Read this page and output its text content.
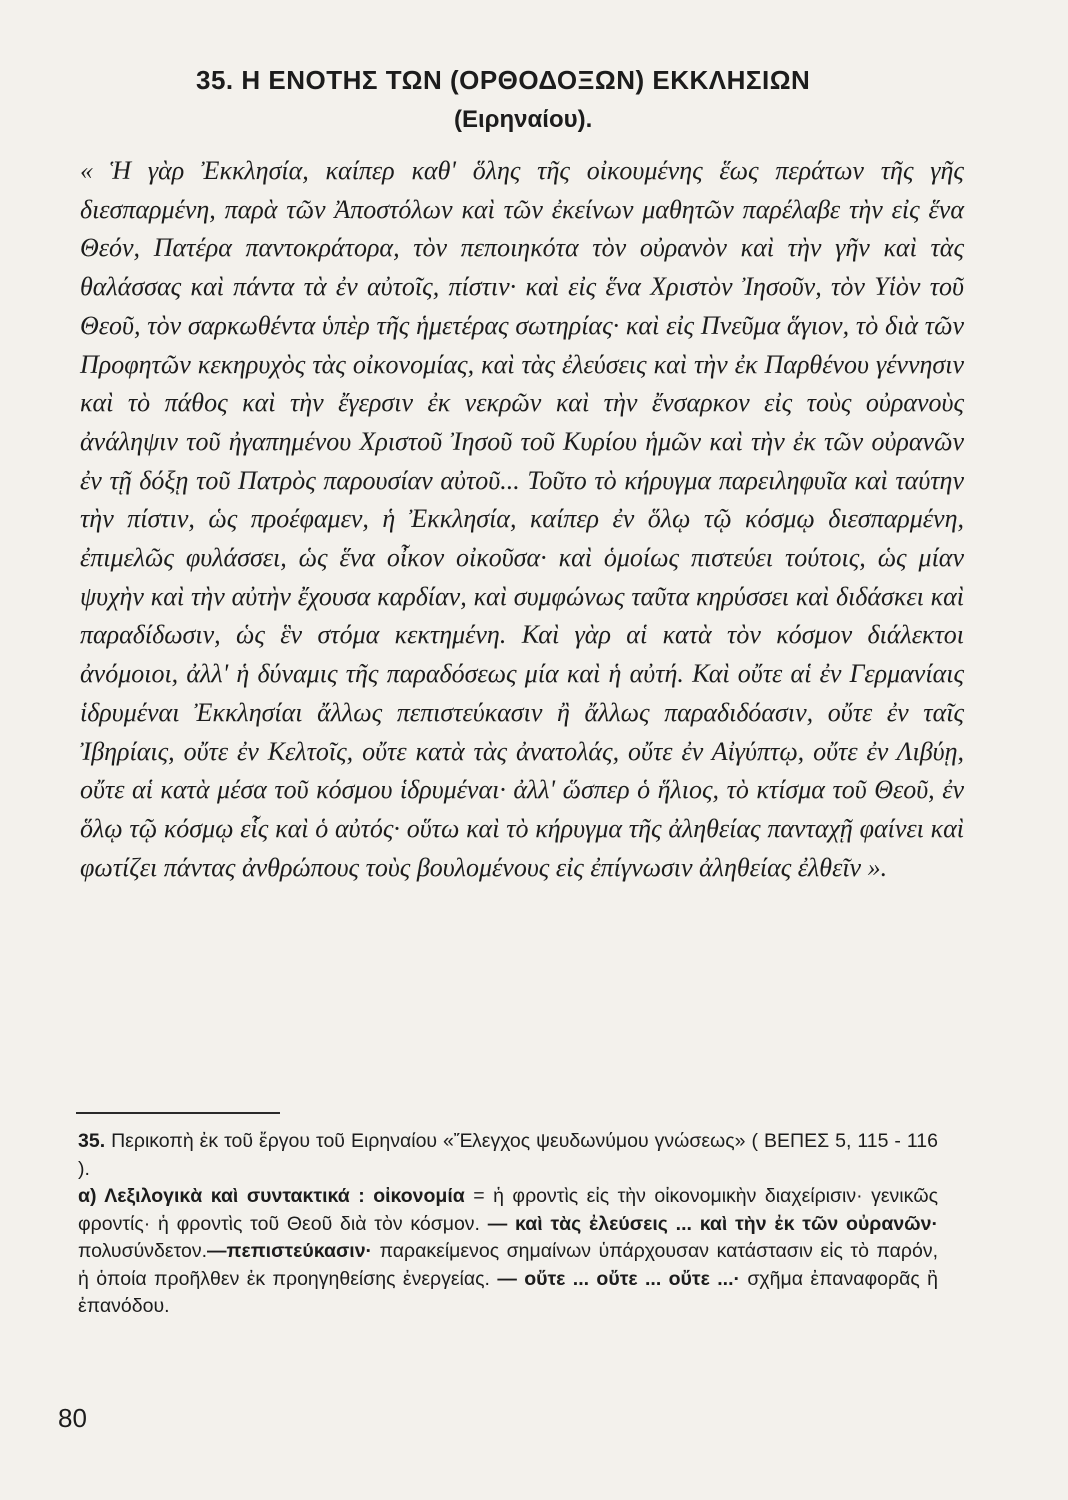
35. Η ΕΝΟΤΗΣ ΤΩΝ (ΟΡΘΟΔΟΞΩΝ) ΕΚΚΛΗΣΙΩΝ
(Ειρηναίου).

« Ἡ γὰρ Ἐκκλησία, καίπερ καθ' ὅλης τῆς οἰκουμένης ἕως περάτων τῆς γῆς διεσπαρμένη, παρὰ τῶν Ἀποστόλων καὶ τῶν ἐκείνων μαθητῶν παρέλαβε τὴν εἰς ἕνα Θεόν, Πατέρα παντοκράτορα, τὸν πεποιηκότα τὸν οὐρανὸν καὶ τὴν γῆν καὶ τὰς θαλάσσας καὶ πάντα τὰ ἐν αὐτοῖς, πίστιν· καὶ εἰς ἕνα Χριστὸν Ἰησοῦν, τὸν Υἱὸν τοῦ Θεοῦ, τὸν σαρκωθέντα ὑπὲρ τῆς ἡμετέρας σωτηρίας· καὶ εἰς Πνεῦμα ἅγιον, τὸ διὰ τῶν Προφητῶν κεκηρυχὸς τὰς οἰκονομίας, καὶ τὰς ἐλεύσεις καὶ τὴν ἐκ Παρθένου γέννησιν καὶ τὸ πάθος καὶ τὴν ἔγερσιν ἐκ νεκρῶν καὶ τὴν ἔνσαρκον εἰς τοὺς οὐρανοὺς ἀνάληψιν τοῦ ἠγαπημένου Χριστοῦ Ἰησοῦ τοῦ Κυρίου ἡμῶν καὶ τὴν ἐκ τῶν οὐρανῶν ἐν τῇ δόξῃ τοῦ Πατρὸς παρουσίαν αὐτοῦ... Τοῦτο τὸ κήρυγμα παρειληφυῖα καὶ ταύτην τὴν πίστιν, ὡς προέφαμεν, ἡ Ἐκκλησία, καίπερ ἐν ὅλῳ τῷ κόσμῳ διεσπαρμένη, ἐπιμελῶς φυλάσσει, ὡς ἕνα οἶκον οἰκοῦσα· καὶ ὁμοίως πιστεύει τούτοις, ὡς μίαν ψυχὴν καὶ τὴν αὐτὴν ἔχουσα καρδίαν, καὶ συμφώνως ταῦτα κηρύσσει καὶ διδάσκει καὶ παραδίδωσιν, ὡς ἓν στόμα κεκτημένη. Καὶ γὰρ αἱ κατὰ τὸν κόσμον διάλεκτοι ἀνόμοιοι, ἀλλ' ἡ δύναμις τῆς παραδόσεως μία καὶ ἡ αὐτή. Καὶ οὔτε αἱ ἐν Γερμανίαις ἱδρυμέναι Ἐκκλησίαι ἄλλως πεπιστεύκασιν ἢ ἄλλως παραδιδόασιν, οὔτε ἐν ταῖς Ἰβηρίαις, οὔτε ἐν Κελτοῖς, οὔτε κατὰ τὰς ἀνατολάς, οὔτε ἐν Αἰγύπτῳ, οὔτε ἐν Λιβύῃ, οὔτε αἱ κατὰ μέσα τοῦ κόσμου ἱδρυμέναι· ἀλλ' ὥσπερ ὁ ἥλιος, τὸ κτίσμα τοῦ Θεοῦ, ἐν ὅλῳ τῷ κόσμῳ εἷς καὶ ὁ αὐτός· οὕτω καὶ τὸ κήρυγμα τῆς ἀληθείας πανταχῇ φαίνει καὶ φωτίζει πάντας ἀνθρώπους τοὺς βουλομένους εἰς ἐπίγνωσιν ἀληθείας ἐλθεῖν ».

35. Περικοπὴ ἐκ τοῦ ἔργου τοῦ Ειρηναίου «Ἔλεγχος ψευδωνύμου γνώσεως» ( ΒΕΠΕΣ 5, 115 - 116 ).

α) Λεξιλογικὰ καὶ συντακτικά : οἰκονομία = ἡ φροντὶς εἰς τὴν οἰκονομικὴν διαχείρισιν· γενικῶς φροντίς· ἡ φροντὶς τοῦ Θεοῦ διὰ τὸν κόσμον. — καὶ τὰς ἐλεύσεις ... καὶ τὴν ἐκ τῶν οὐρανῶν· πολυσύνδετον.—πεπιστεύκασιν· παρακείμενος σημαίνων ὑπάρχουσαν κατάστασιν εἰς τὸ παρόν, ἡ ὁποία προῆλθεν ἐκ προηγηθείσης ἐνεργείας. — οὔτε ... οὔτε ... οὔτε ...· σχῆμα ἐπαναφορᾶς ἢ ἐπανόδου.

80
